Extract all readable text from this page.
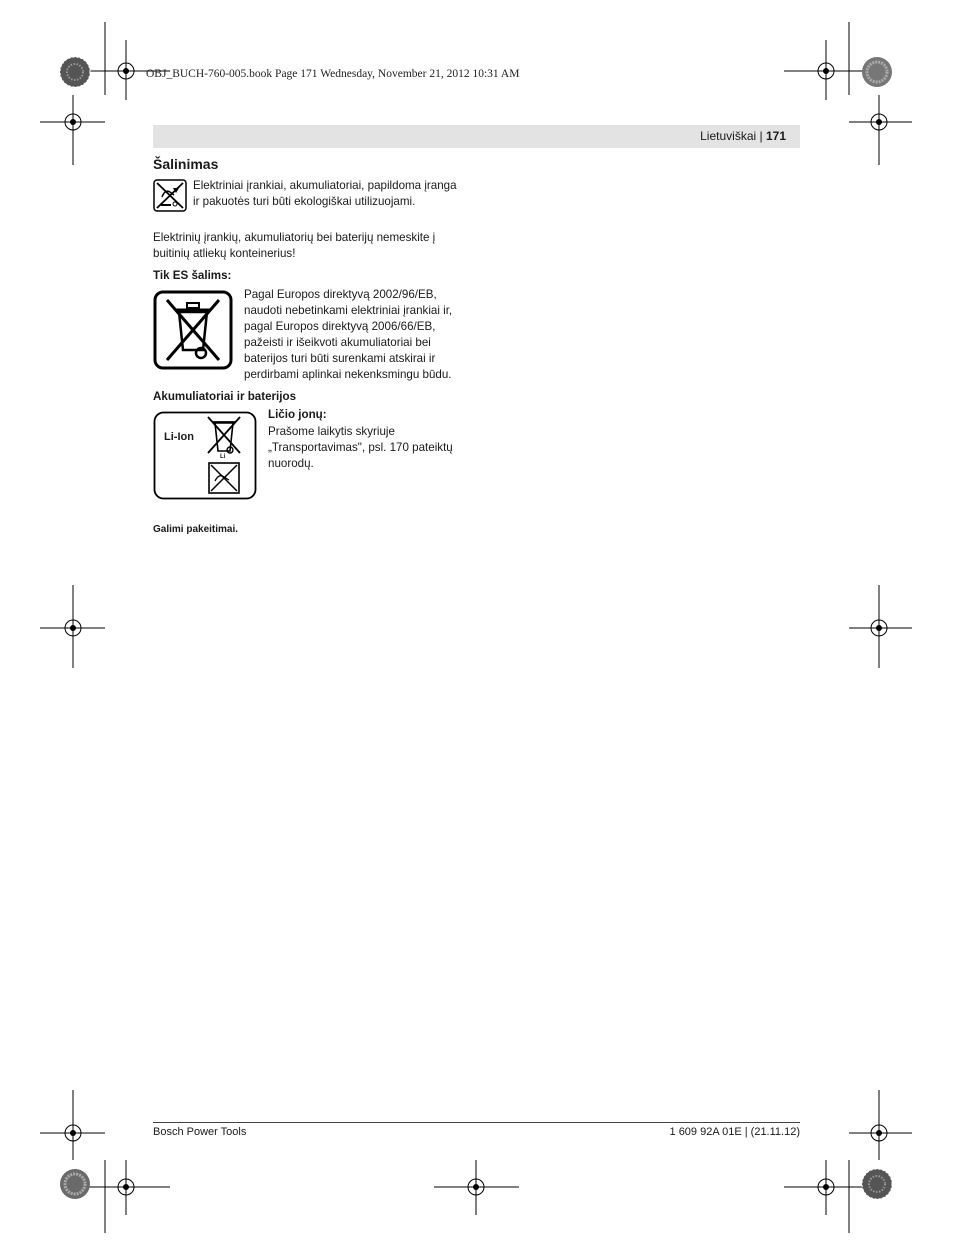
OBJ_BUCH-760-005.book Page 171 Wednesday, November 21, 2012 10:31 AM
Lietuviškai | 171
Šalinimas
Elektriniai įrankiai, akumuliatoriai, papildoma įranga ir pakuotės turi būti ekologiškai utilizuojami.
Elektrinių įrankių, akumuliatorių bei baterijų nemeskite į buitinių atliekų konteinerius!
Tik ES šalims:
Pagal Europos direktyvą 2002/96/EB, naudoti nebetinkami elektriniai įrankiai ir, pagal Europos direktyvą 2006/66/EB, pažeisti ir išeikvoti akumuliatoriai bei baterijos turi būti surenkami atskirai ir perdirbami aplinkai nekenksmingu būdu.
Akumuliatoriai ir baterijos
Li-Ion
Li
Ličio jonų:
Prašome laikytis skyriuje „Transportavimas", psl. 170 pateiktų nuorodų.
Galimi pakeitimai.
Bosch Power Tools	1 609 92A 01E | (21.11.12)
